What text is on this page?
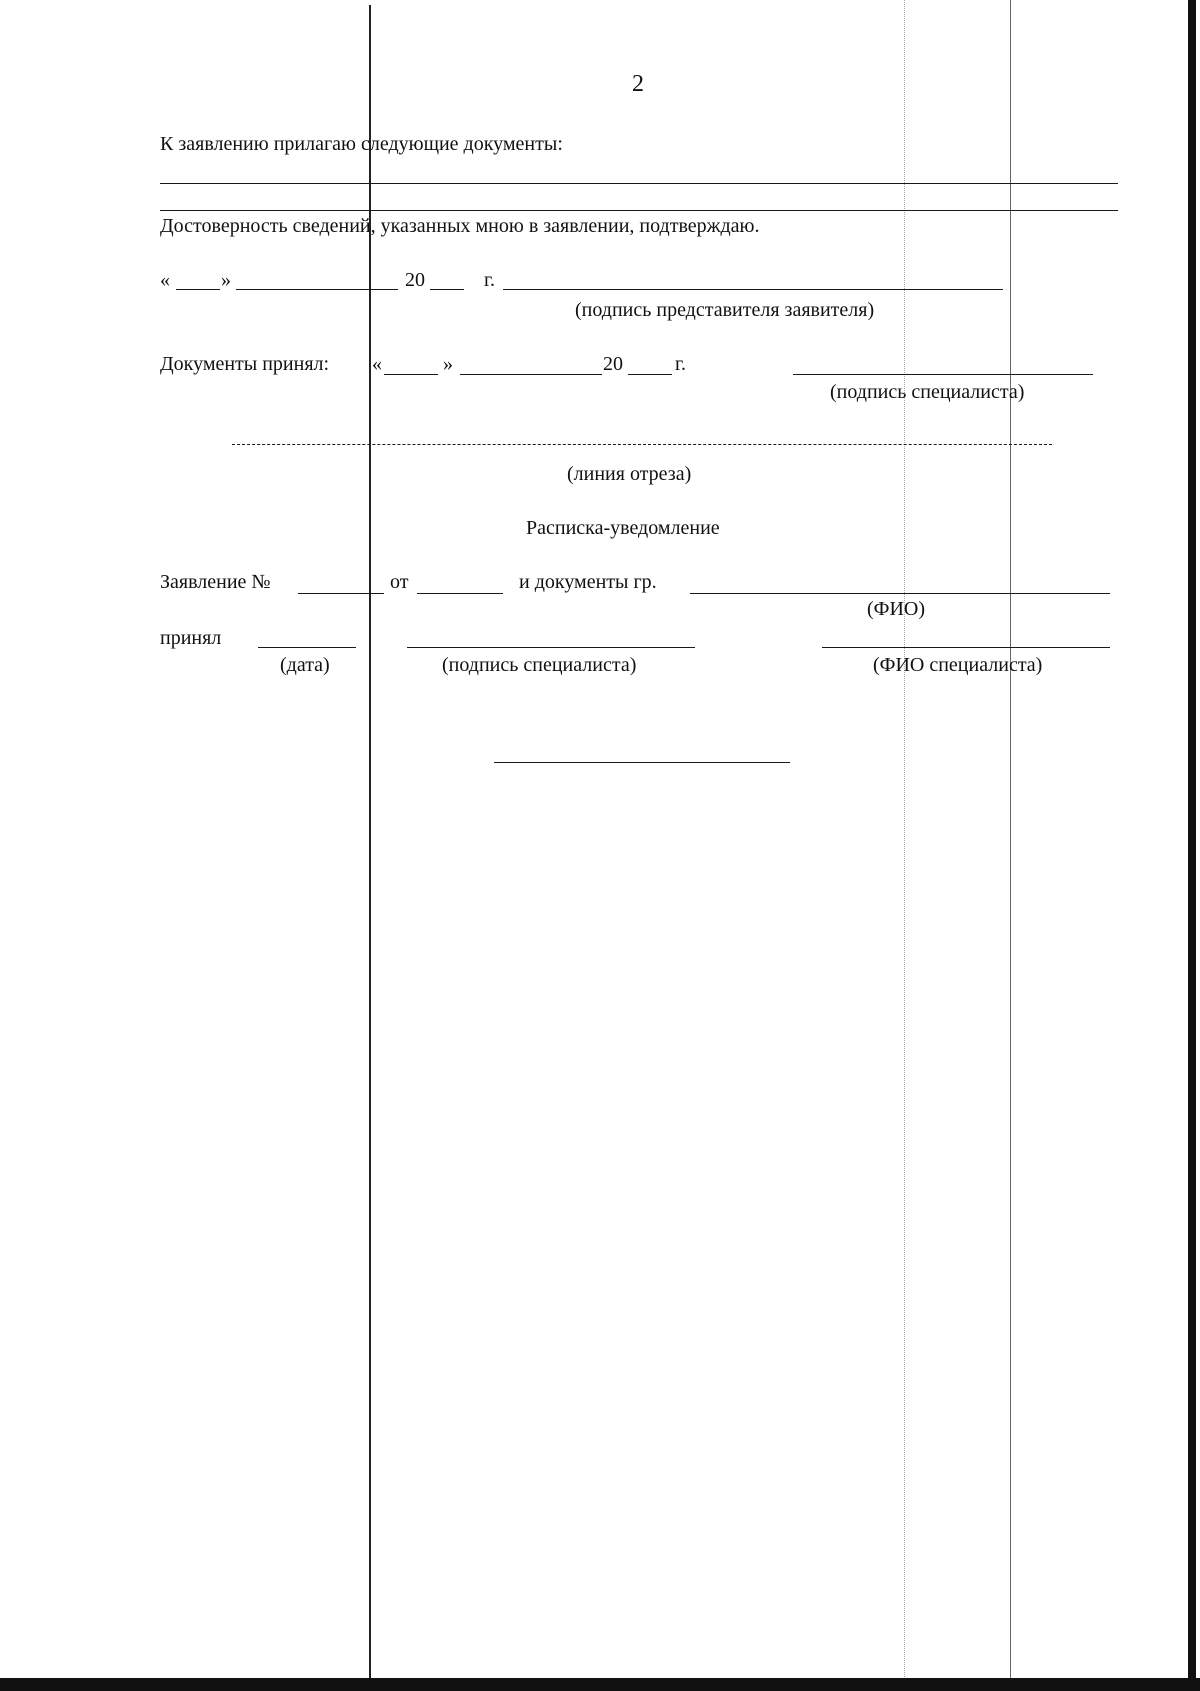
2
К заявлению прилагаю следующие документы:
Достоверность сведений, указанных мною в заявлении, подтверждаю.
«	»	20	г.
(подпись представителя заявителя)
Документы принял: «	»	20	г.
(подпись специалиста)
(линия отреза)
Расписка-уведомление
Заявление №	от	и документы гр.
(ФИО)
принял
(дата)	(подпись специалиста)	(ФИО специалиста)
